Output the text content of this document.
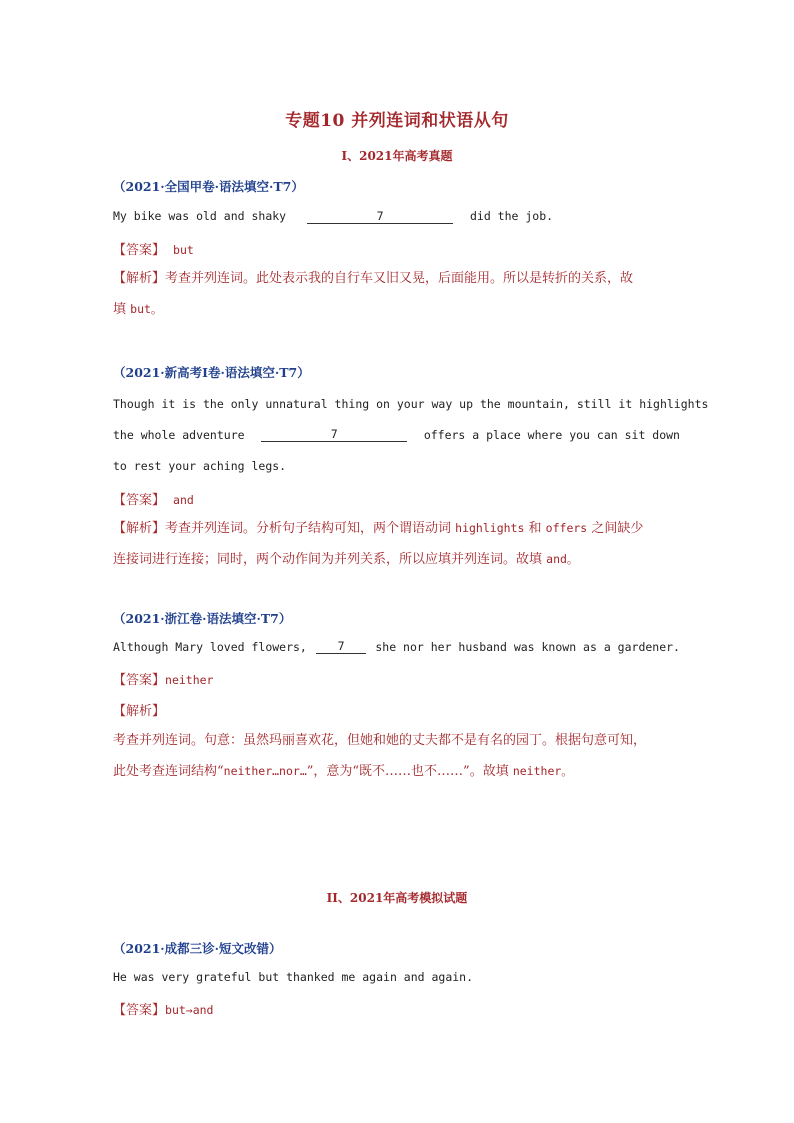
专题10 并列连词和状语从句
I、2021年高考真题
（2021·全国甲卷·语法填空·T7）
My bike was old and shaky	7	did the job.
【答案】 but
【解析】考查并列连词。此处表示我的自行车又旧又晃，后面能用。所以是转折的关系，故
填 but。
（2021·新高考I卷·语法填空·T7）
Though it is the only unnatural thing on your way up the mountain, still it highlights
the whole adventure	7	offers a place where you can sit down
to rest your aching legs.
【答案】 and
【解析】考查并列连词。分析句子结构可知，两个谓语动词 highlights 和 offers 之间缺少
连接词进行连接；同时，两个动作间为并列关系，所以应填并列连词。故填 and。
（2021·浙江卷·语法填空·T7）
Although Mary loved flowers,	7	she nor her husband was known as a gardener.
【答案】neither
【解析】
考查并列连词。句意：虽然玛丽喜欢花，但她和她的丈夫都不是有名的园丁。根据句意可知，
此处考查连词结构“neither…nor…”，意为“既不……也不……”。故填 neither。
II、2021年高考模拟试题
（2021·成都三诊·短文改错）
He was very grateful but thanked me again and again.
【答案】but→and
